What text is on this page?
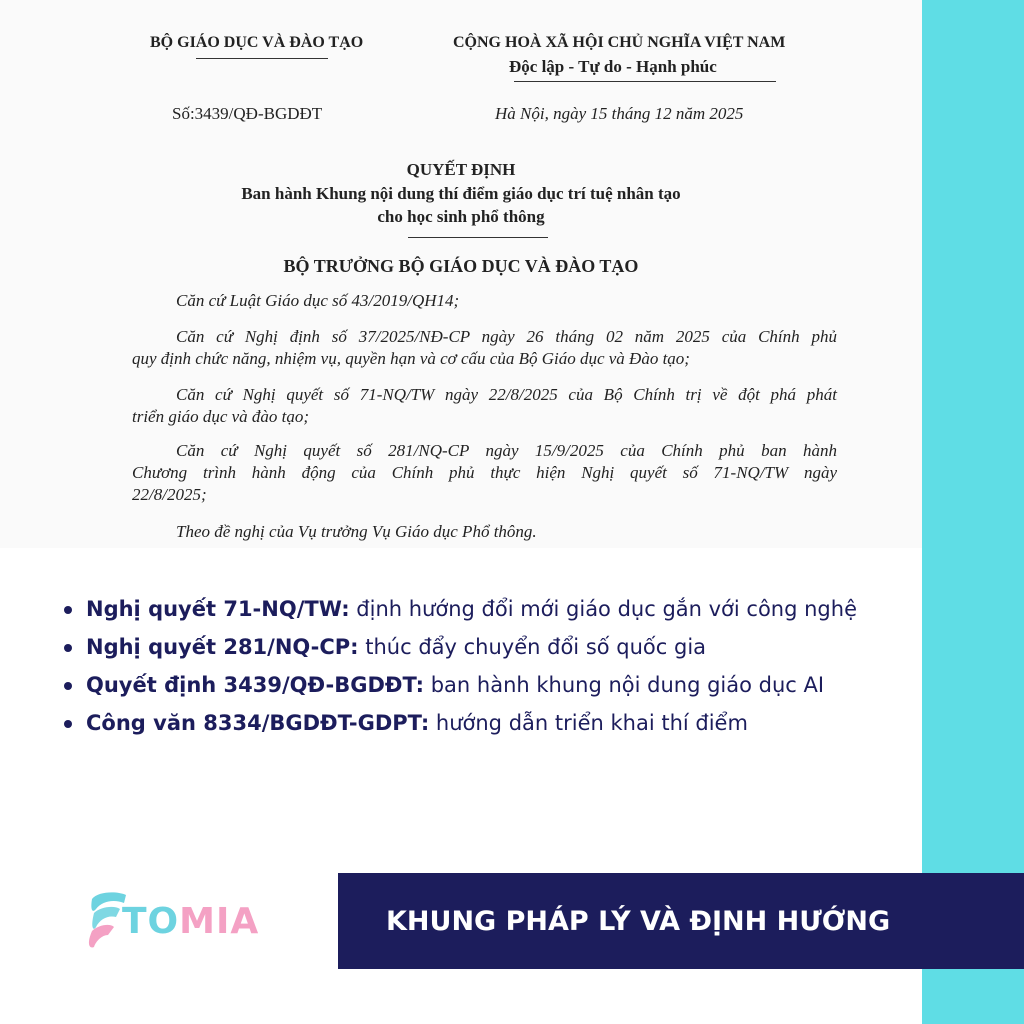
BỘ GIÁO DỤC VÀ ĐÀO TẠO	CỘNG HOÀ XÃ HỘI CHỦ NGHĨA VIỆT NAM
Độc lập - Tự do - Hạnh phúc
Số:3439/QĐ-BGDĐT	Hà Nội, ngày 15 tháng 12 năm 2025
QUYẾT ĐỊNH
Ban hành Khung nội dung thí điểm giáo dục trí tuệ nhân tạo
cho học sinh phổ thông
BỘ TRƯỞNG BỘ GIÁO DỤC VÀ ĐÀO TẠO
Căn cứ Luật Giáo dục số 43/2019/QH14;
Căn cứ Nghị định số 37/2025/NĐ-CP ngày 26 tháng 02 năm 2025 của Chính phủ
quy định chức năng, nhiệm vụ, quyền hạn và cơ cấu của Bộ Giáo dục và Đào tạo;
Căn cứ Nghị quyết số 71-NQ/TW ngày 22/8/2025 của Bộ Chính trị về đột phá phát
triển giáo dục và đào tạo;
Căn cứ Nghị quyết số 281/NQ-CP ngày 15/9/2025 của Chính phủ ban hành
Chương trình hành động của Chính phủ thực hiện Nghị quyết số 71-NQ/TW ngày
22/8/2025;
Theo đề nghị của Vụ trưởng Vụ Giáo dục Phổ thông.
Nghị quyết 71-NQ/TW: định hướng đổi mới giáo dục gắn với công nghệ
Nghị quyết 281/NQ-CP: thúc đẩy chuyển đổi số quốc gia
Quyết định 3439/QĐ-BGDĐT: ban hành khung nội dung giáo dục AI
Công văn 8334/BGDĐT-GDPT: hướng dẫn triển khai thí điểm
TOMIA	KHUNG PHÁP LÝ VÀ ĐỊNH HƯỚNG
